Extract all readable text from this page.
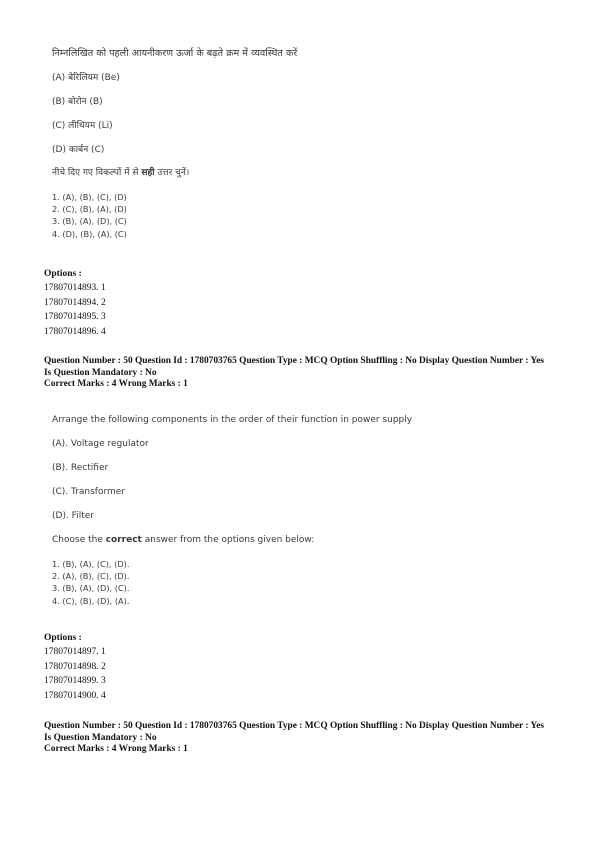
निम्नलिखित को पहली आयनीकरण ऊर्जा के बढ़ते क्रम में व्यवस्थित करें
(A) बेरिलियम (Be)
(B) बोरोन (B)
(C) लीथियम (Li)
(D) कार्बन (C)
नीचे दिए गए विकल्पों में से सही उत्तर चुनें।
1. (A), (B), (C), (D)
2. (C), (B), (A), (D)
3. (B), (A), (D), (C)
4. (D), (B), (A), (C)
Options :
17807014893. 1
17807014894. 2
17807014895. 3
17807014896. 4
Question Number : 50 Question Id : 1780703765 Question Type : MCQ Option Shuffling : No Display Question Number : Yes
Is Question Mandatory : No
Correct Marks : 4 Wrong Marks : 1
Arrange the following components in the order of their function in power supply
(A). Voltage regulator
(B). Rectifier
(C). Transformer
(D). Filter
Choose the correct answer from the options given below:
1. (B), (A), (C), (D).
2. (A), (B), (C), (D).
3. (B), (A), (D), (C).
4. (C), (B), (D), (A).
Options :
17807014897. 1
17807014898. 2
17807014899. 3
17807014900. 4
Question Number : 50 Question Id : 1780703765 Question Type : MCQ Option Shuffling : No Display Question Number : Yes
Is Question Mandatory : No
Correct Marks : 4 Wrong Marks : 1
